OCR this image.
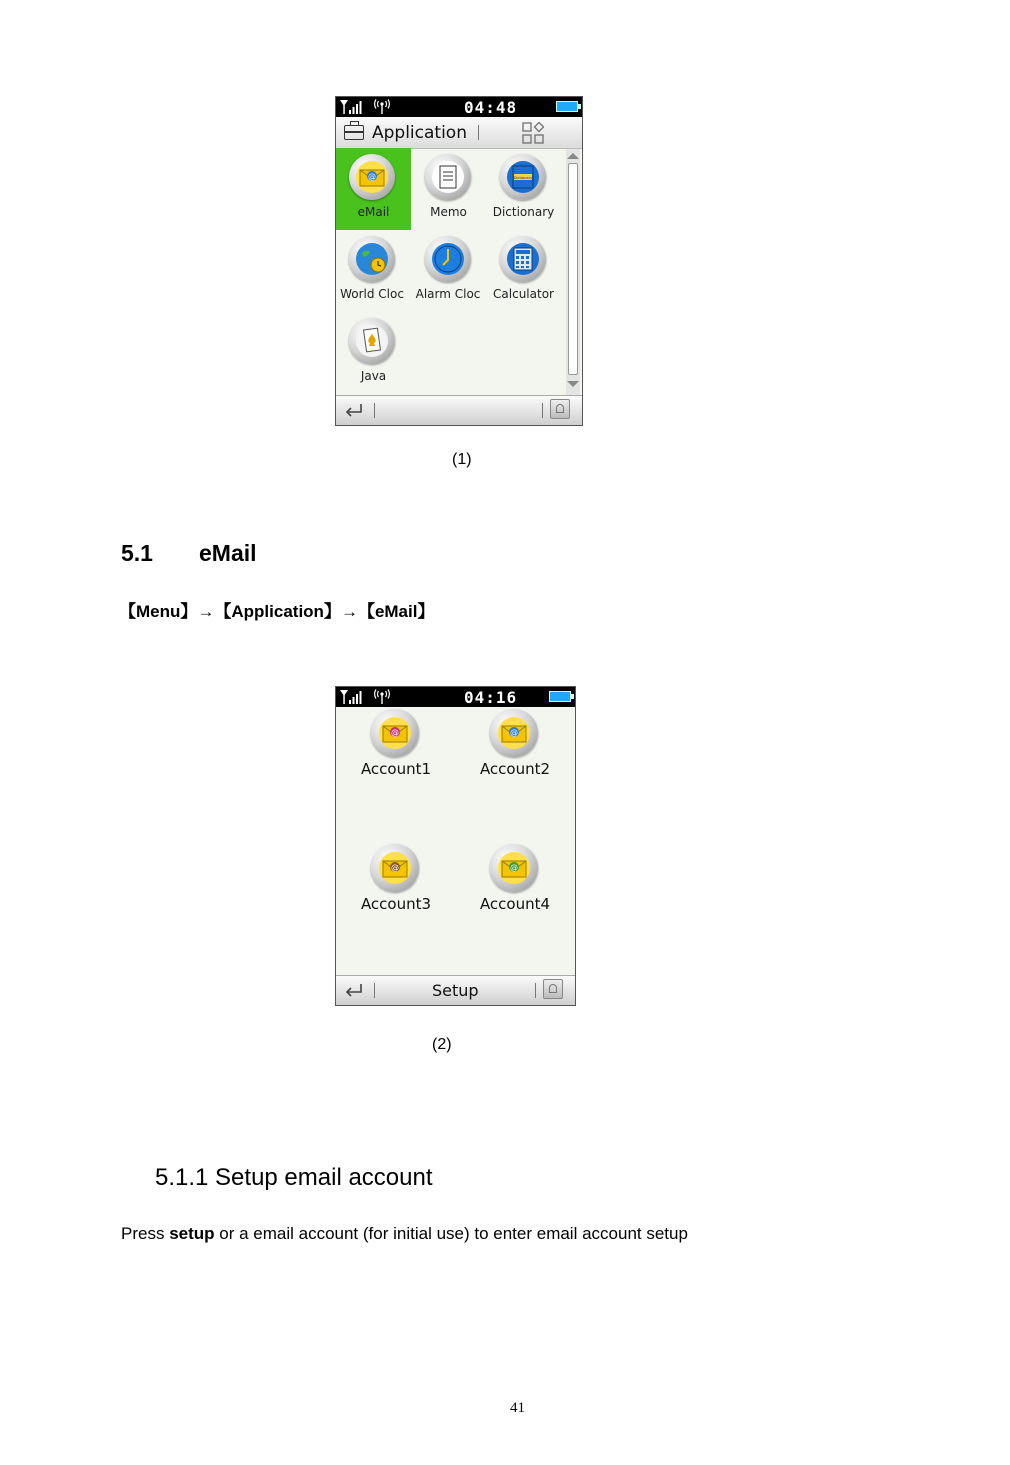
04:48
Application
@
eMail	Memo
Dictionary
Dictionary
World Cloc Alarm Cloc	Calculator
Java
(1)
5.1 eMail
【Menu】→【Application】→【eMail】
04:16
@
Account1
@
Account2
@
Account3
@
Account4
Setup
(2)
5.1.1 Setup email account
Press setup or a email account (for initial use) to enter email account setup
41
